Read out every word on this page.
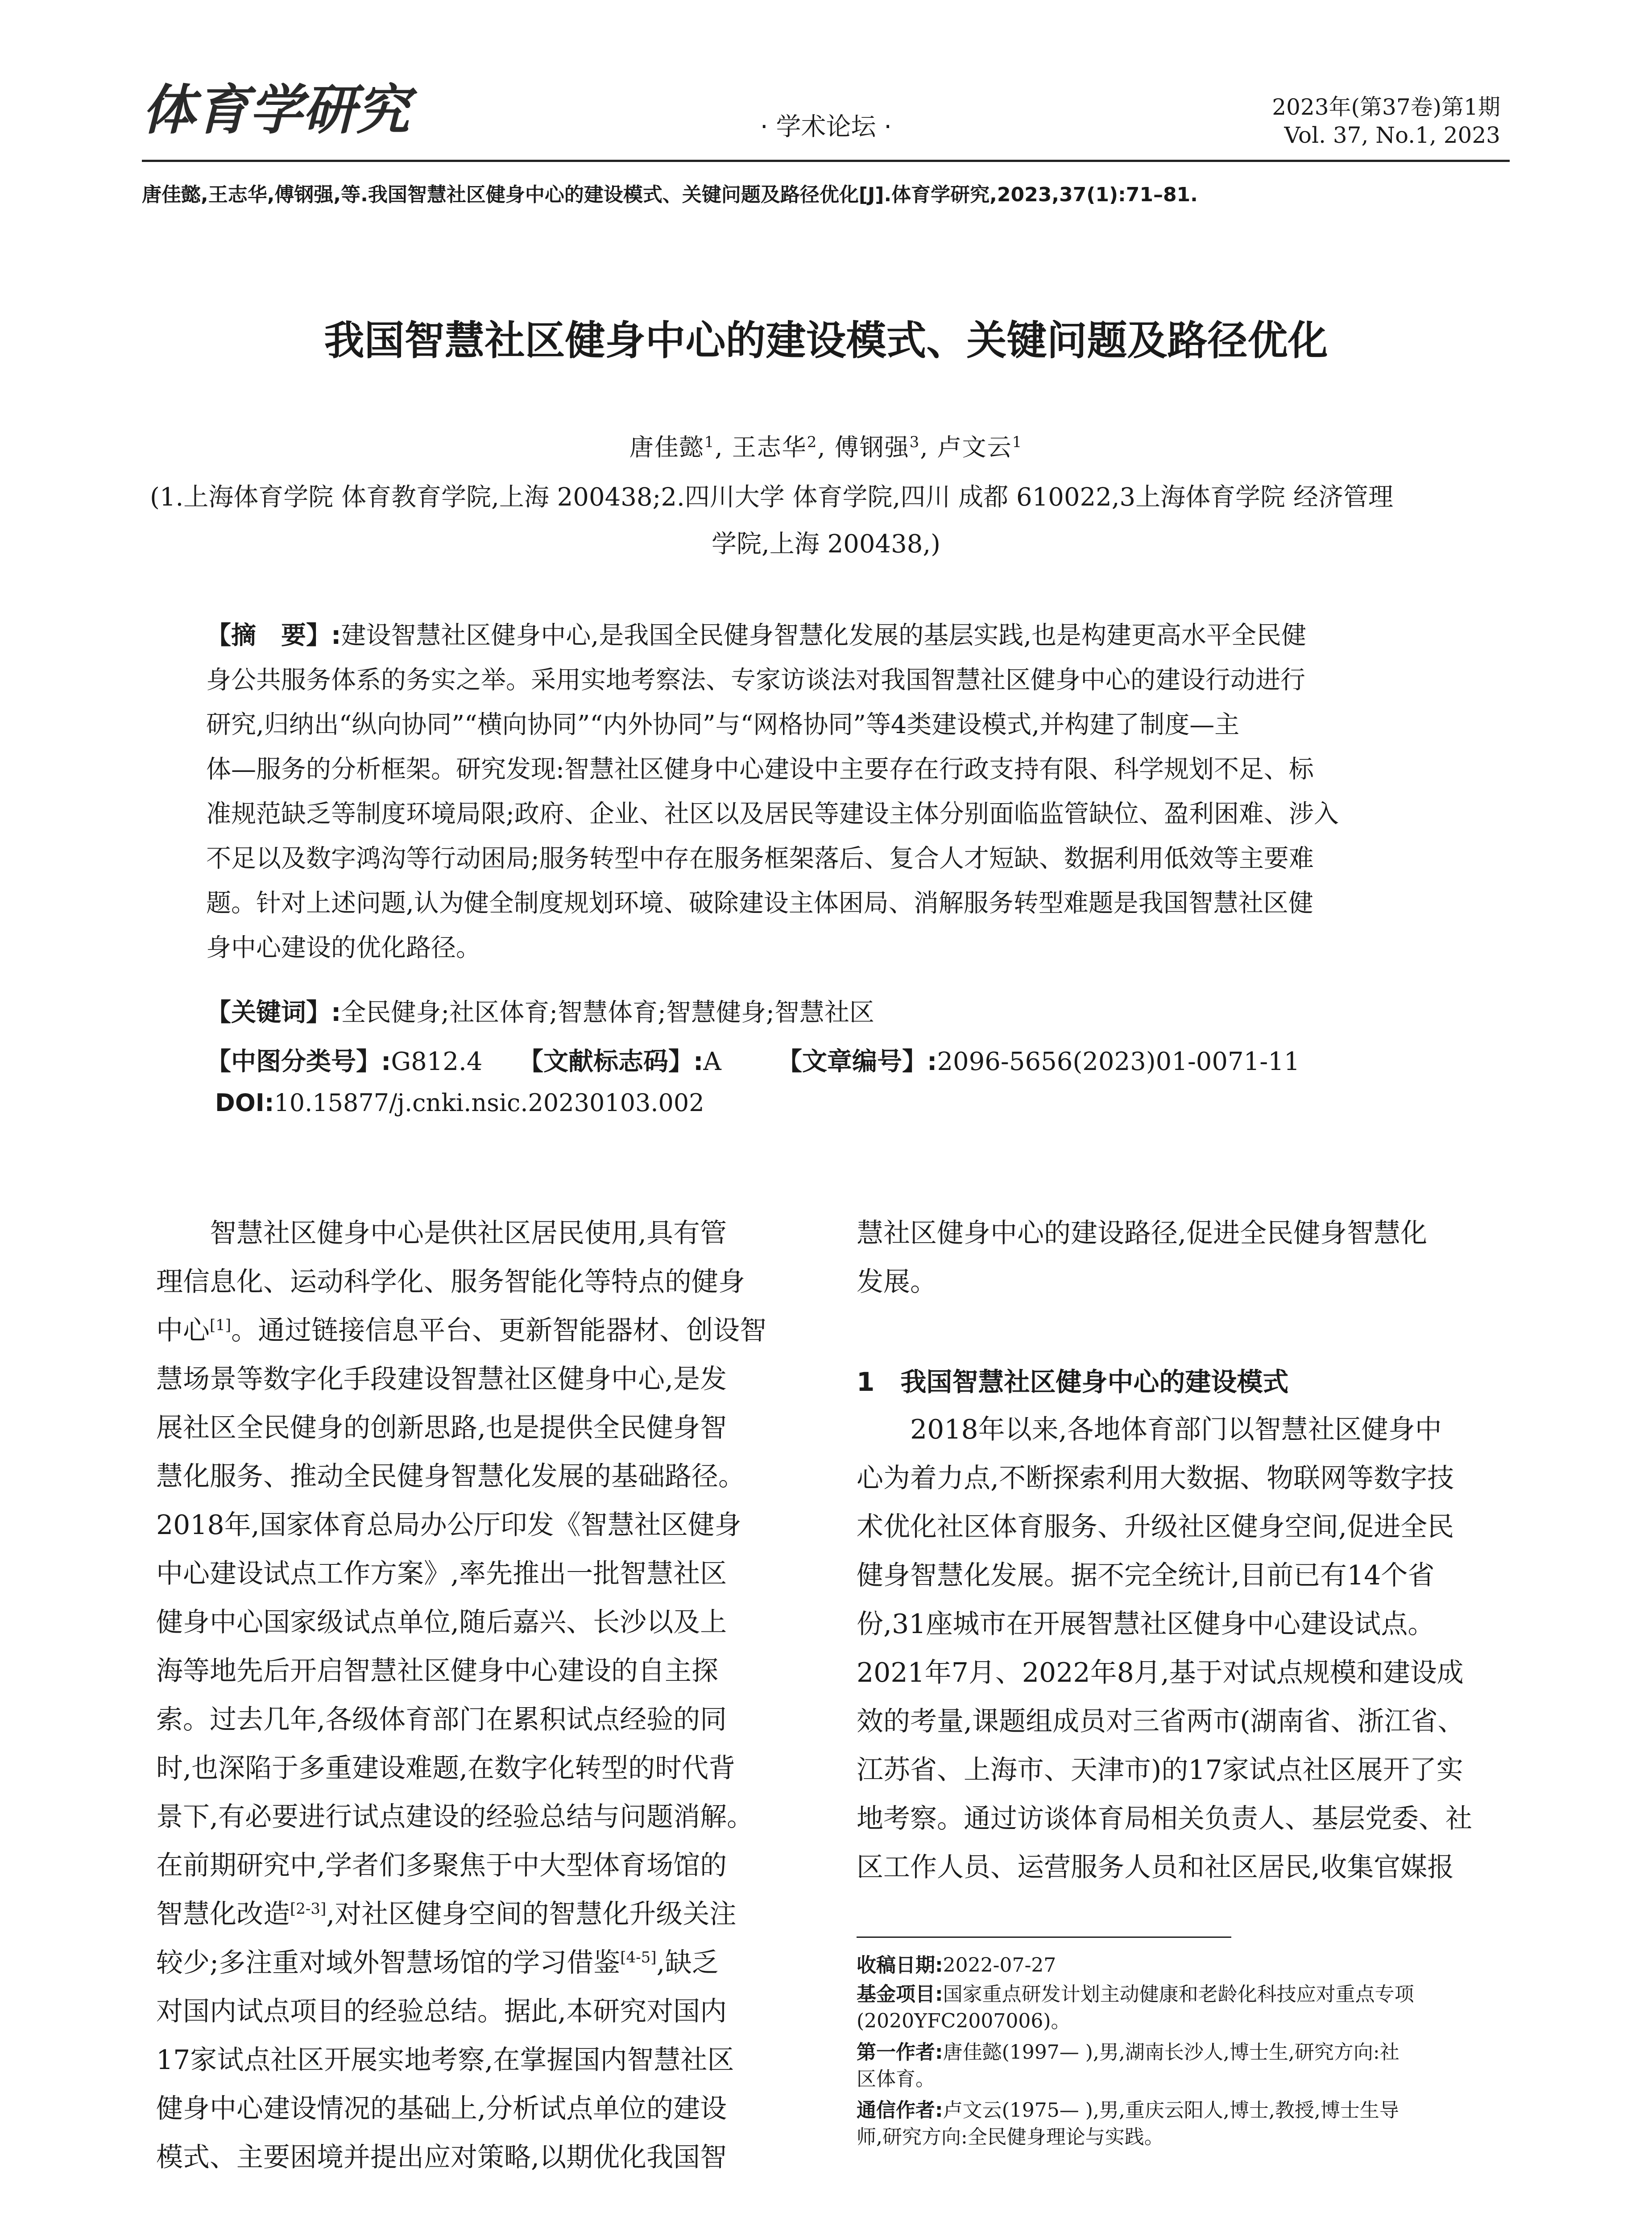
体育学研究	· 学术论坛 ·
2023年(第37卷)第1期
Vol. 37, No.1, 2023
唐佳懿,王志华,傅钢强,等.我国智慧社区健身中心的建设模式、关键问题及路径优化[J].体育学研究,2023,37(1):71–81.
我国智慧社区健身中心的建设模式、关键问题及路径优化
唐佳懿$^1$, 王志华$^2$, 傅钢强$^3$, 卢文云$^1$
(1.上海体育学院 体育教育学院,上海 200438;2.四川大学 体育学院,四川 成都 610022,3上海体育学院 经济管理
学院,上海 200438,)
【摘　要】:建设智慧社区健身中心,是我国全民健身智慧化发展的基层实践,也是构建更高水平全民健
身公共服务体系的务实之举。采用实地考察法、专家访谈法对我国智慧社区健身中心的建设行动进行
研究,归纳出“纵向协同”“横向协同”“内外协同”与“网格协同”等4类建设模式,并构建了制度—主
体—服务的分析框架。研究发现:智慧社区健身中心建设中主要存在行政支持有限、科学规划不足、标
准规范缺乏等制度环境局限;政府、企业、社区以及居民等建设主体分别面临监管缺位、盈利困难、涉入
不足以及数字鸿沟等行动困局;服务转型中存在服务框架落后、复合人才短缺、数据利用低效等主要难
题。针对上述问题,认为健全制度规划环境、破除建设主体困局、消解服务转型难题是我国智慧社区健
身中心建设的优化路径。
【关键词】:全民健身;社区体育;智慧体育;智慧健身;智慧社区
【中图分类号】:G812.4 【文献标志码】:A 【文章编号】:2096-5656(2023)01-0071-11
DOI:10.15877/j.cnki.nsic.20230103.002
　　智慧社区健身中心是供社区居民使用,具有管
理信息化、运动科学化、服务智能化等特点的健身
中心[1]。通过链接信息平台、更新智能器材、创设智
慧场景等数字化手段建设智慧社区健身中心,是发
展社区全民健身的创新思路,也是提供全民健身智
慧化服务、推动全民健身智慧化发展的基础路径。
2018年,国家体育总局办公厅印发《智慧社区健身
中心建设试点工作方案》,率先推出一批智慧社区
健身中心国家级试点单位,随后嘉兴、长沙以及上
海等地先后开启智慧社区健身中心建设的自主探
索。过去几年,各级体育部门在累积试点经验的同
时,也深陷于多重建设难题,在数字化转型的时代背
景下,有必要进行试点建设的经验总结与问题消解。
在前期研究中,学者们多聚焦于中大型体育场馆的
智慧化改造[2-3],对社区健身空间的智慧化升级关注
较少;多注重对域外智慧场馆的学习借鉴[4-5],缺乏
对国内试点项目的经验总结。据此,本研究对国内
17家试点社区开展实地考察,在掌握国内智慧社区
健身中心建设情况的基础上,分析试点单位的建设
模式、主要困境并提出应对策略,以期优化我国智
慧社区健身中心的建设路径,促进全民健身智慧化
发展。
1　我国智慧社区健身中心的建设模式
　　2018年以来,各地体育部门以智慧社区健身中
心为着力点,不断探索利用大数据、物联网等数字技
术优化社区体育服务、升级社区健身空间,促进全民
健身智慧化发展。据不完全统计,目前已有14个省
份,31座城市在开展智慧社区健身中心建设试点。
2021年7月、2022年8月,基于对试点规模和建设成
效的考量,课题组成员对三省两市(湖南省、浙江省、
江苏省、上海市、天津市)的17家试点社区展开了实
地考察。通过访谈体育局相关负责人、基层党委、社
区工作人员、运营服务人员和社区居民,收集官媒报
收稿日期:2022-07-27
基金项目:国家重点研发计划主动健康和老龄化科技应对重点专项
(2020YFC2007006)。
第一作者:唐佳懿(1997— ),男,湖南长沙人,博士生,研究方向:社
区体育。
通信作者:卢文云(1975— ),男,重庆云阳人,博士,教授,博士生导
师,研究方向:全民健身理论与实践。
